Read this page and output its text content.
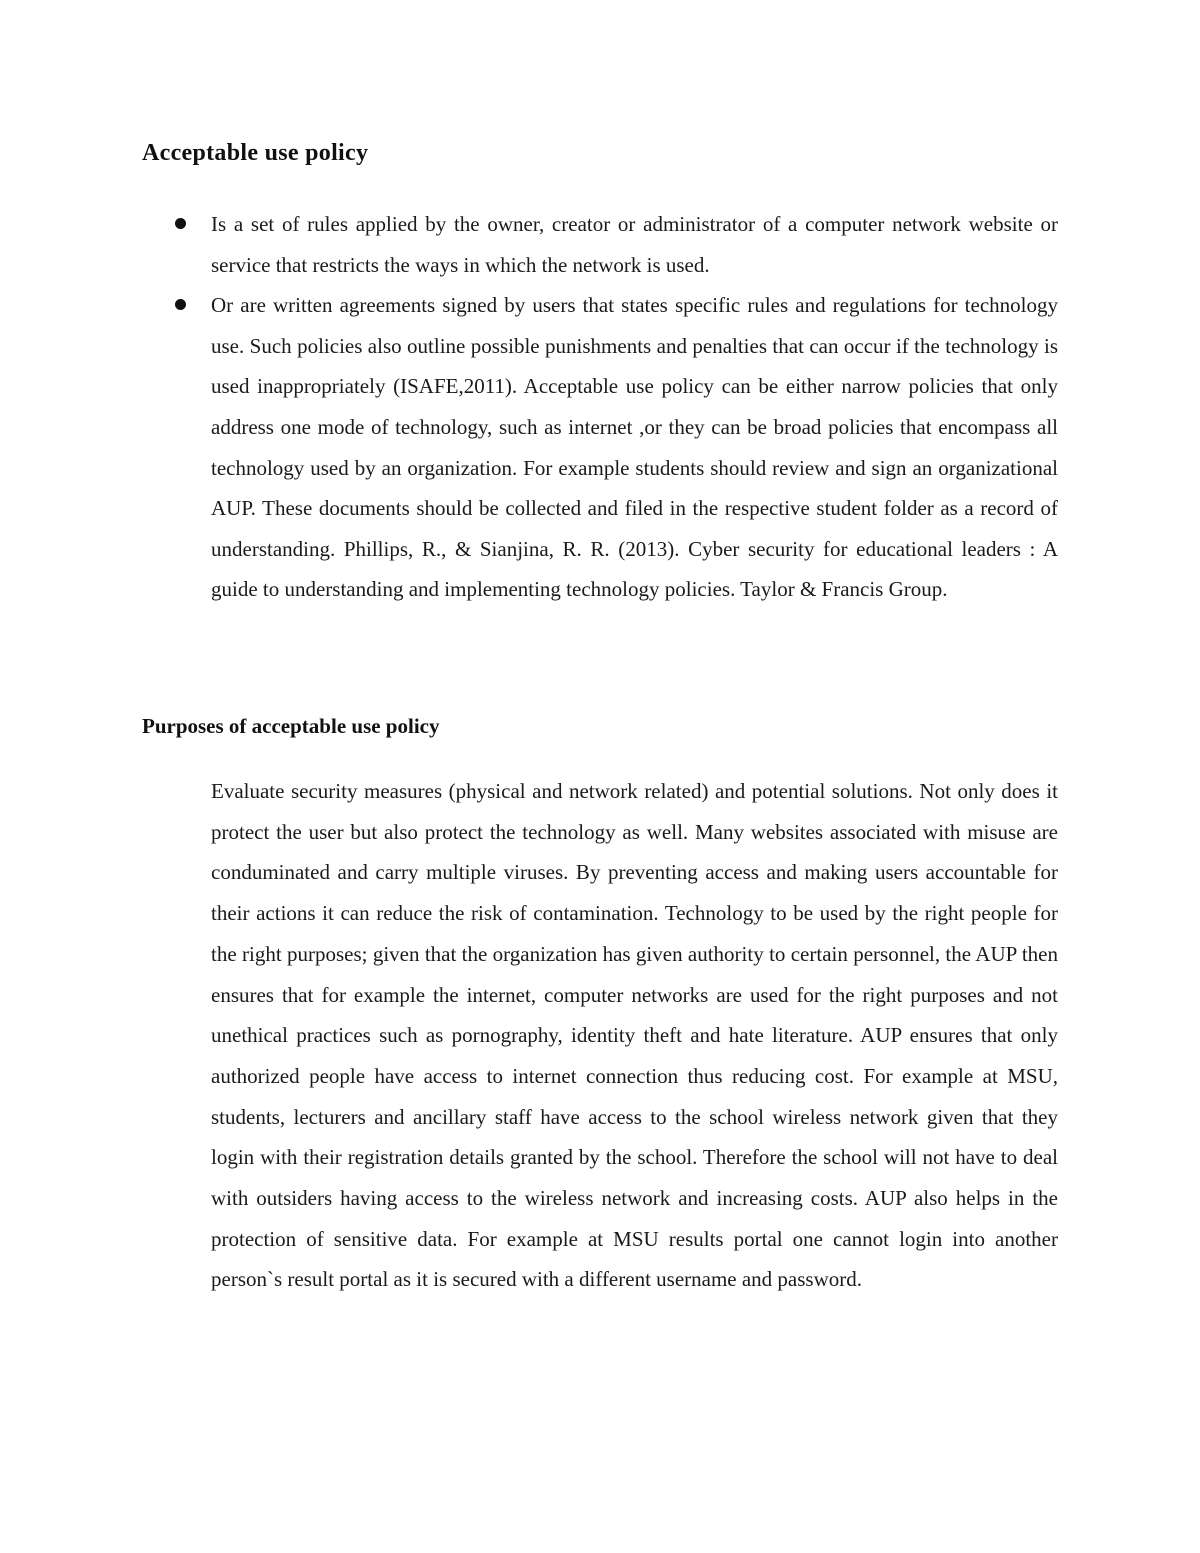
Acceptable use policy
Is a set of rules applied by the owner, creator or administrator of a computer network website or service that restricts the ways in which the network is used.
Or are written agreements signed by users that states specific rules and regulations for technology use. Such policies also outline possible punishments and penalties that can occur if the technology is used inappropriately (ISAFE,2011). Acceptable use policy can be either narrow policies that only address one mode of technology, such as internet ,or they can be broad policies that encompass all technology used by an organization. For example students should review and sign an organizational AUP. These documents should be collected and filed in the respective student folder as a record of understanding. Phillips, R., & Sianjina, R. R. (2013). Cyber security for educational leaders : A guide to understanding and implementing technology policies. Taylor & Francis Group.
Purposes of acceptable use policy

Evaluate security measures (physical and network related) and potential solutions. Not only does it protect the user but also protect the technology as well. Many websites associated with misuse are conduminated and carry multiple viruses. By preventing access and making users accountable for their actions it can reduce the risk of contamination. Technology to be used by the right people for the right purposes; given that the organization has given authority to certain personnel, the AUP then ensures that for example the internet, computer networks are used for the right purposes and not unethical practices such as pornography, identity theft and hate literature. AUP ensures that only authorized people have access to internet connection thus reducing cost. For example at MSU, students, lecturers and ancillary staff have access to the school wireless network given that they login with their registration details granted by the school. Therefore the school will not have to deal with outsiders having access to the wireless network and increasing costs. AUP also helps in the protection of sensitive data. For example at MSU results portal one cannot login into another person`s result portal as it is secured with a different username and password.
